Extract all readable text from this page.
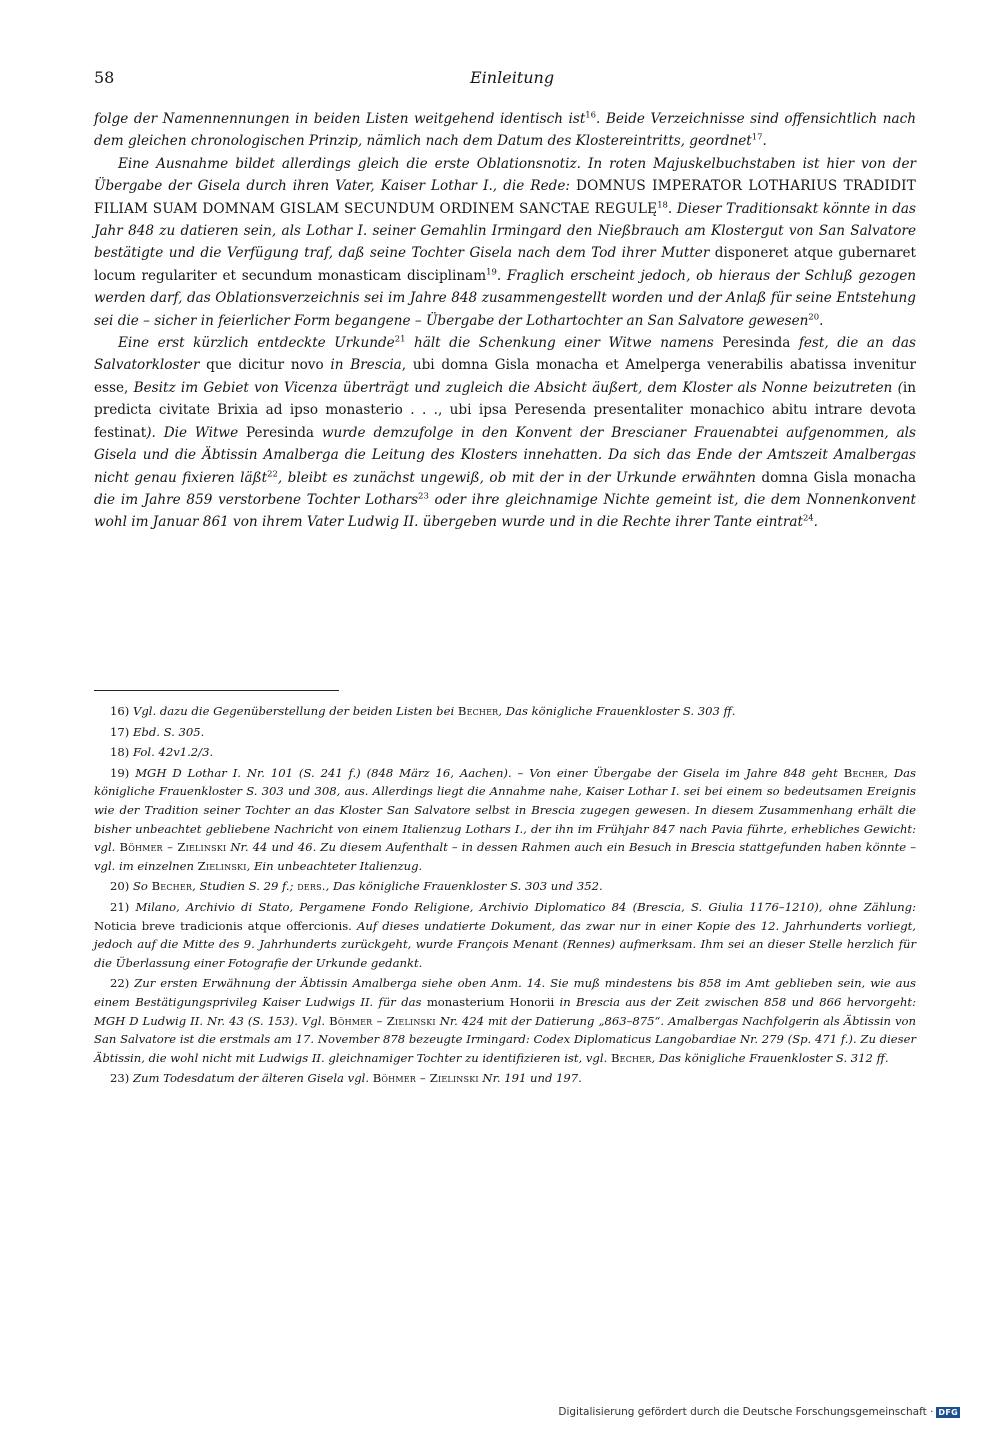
58	Einleitung

folge der Namennennungen in beiden Listen weitgehend identisch ist$^{16}$. Beide Verzeichnisse sind offensichtlich nach dem gleichen chronologischen Prinzip, nämlich nach dem Datum des Klostereintritts, geordnet$^{17}$.

Eine Ausnahme bildet allerdings gleich die erste Oblationsnotiz. In roten Majuskelbuchstaben ist hier von der Übergabe der Gisela durch ihren Vater, Kaiser Lothar I., die Rede: DOMNUS IMPERATOR LOTHARIUS TRADIDIT FILIAM SUAM DOMNAM GISLAM SECUNDUM ORDINEM SANCTAE REGULĘ$^{18}$. Dieser Traditionsakt könnte in das Jahr 848 zu datieren sein, als Lothar I. seiner Gemahlin Irmingard den Nießbrauch am Klostergut von San Salvatore bestätigte und die Verfügung traf, daß seine Tochter Gisela nach dem Tod ihrer Mutter disponeret atque gubernaret locum regulariter et secundum monasticam disciplinam$^{19}$. Fraglich erscheint jedoch, ob hieraus der Schluß gezogen werden darf, das Oblationsverzeichnis sei im Jahre 848 zusammengestellt worden und der Anlaß für seine Entstehung sei die – sicher in feierlicher Form begangene – Übergabe der Lothartochter an San Salvatore gewesen$^{20}$.

Eine erst kürzlich entdeckte Urkunde$^{21}$ hält die Schenkung einer Witwe namens Peresinda fest, die an das Salvatorkloster que dicitur novo in Brescia, ubi domna Gisla monacha et Amelperga venerabilis abatissa invenitur esse, Besitz im Gebiet von Vicenza überträgt und zugleich die Absicht äußert, dem Kloster als Nonne beizutreten (in predicta civitate Brixia ad ipso monasterio . . ., ubi ipsa Peresenda presentaliter monachico abitu intrare devota festinat). Die Witwe Peresinda wurde demzufolge in den Konvent der Brescianer Frauenabtei aufgenommen, als Gisela und die Äbtissin Amalberga die Leitung des Klosters innehatten. Da sich das Ende der Amtszeit Amalbergas nicht genau fixieren läßt$^{22}$, bleibt es zunächst ungewiß, ob mit der in der Urkunde erwähnten domna Gisla monacha die im Jahre 859 verstorbene Tochter Lothars$^{23}$ oder ihre gleichnamige Nichte gemeint ist, die dem Nonnenkonvent wohl im Januar 861 von ihrem Vater Ludwig II. übergeben wurde und in die Rechte ihrer Tante eintrat$^{24}$.

16) Vgl. dazu die Gegenüberstellung der beiden Listen bei Becher, Das königliche Frauenkloster S. 303 ff.

17) Ebd. S. 305.

18) Fol. 42v1.2/3.

19) MGH D Lothar I. Nr. 101 (S. 241 f.) (848 März 16, Aachen). – Von einer Übergabe der Gisela im Jahre 848 geht Becher, Das königliche Frauenkloster S. 303 und 308, aus. Allerdings liegt die Annahme nahe, Kaiser Lothar I. sei bei einem so bedeutsamen Ereignis wie der Tradition seiner Tochter an das Kloster San Salvatore selbst in Brescia zugegen gewesen. In diesem Zusammenhang erhält die bisher unbeachtet gebliebene Nachricht von einem Italienzug Lothars I., der ihn im Frühjahr 847 nach Pavia führte, erhebliches Gewicht: vgl. Böhmer – Zielinski Nr. 44 und 46. Zu diesem Aufenthalt – in dessen Rahmen auch ein Besuch in Brescia stattgefunden haben könnte – vgl. im einzelnen Zielinski, Ein unbeachteter Italienzug.

20) So Becher, Studien S. 29 f.; ders., Das königliche Frauenkloster S. 303 und 352.

21) Milano, Archivio di Stato, Pergamene Fondo Religione, Archivio Diplomatico 84 (Brescia, S. Giulia 1176–1210), ohne Zählung: Noticia breve tradicionis atque offercionis. Auf dieses undatierte Dokument, das zwar nur in einer Kopie des 12. Jahrhunderts vorliegt, jedoch auf die Mitte des 9. Jahrhunderts zurückgeht, wurde François Menant (Rennes) aufmerksam. Ihm sei an dieser Stelle herzlich für die Überlassung einer Fotografie der Urkunde gedankt.

22) Zur ersten Erwähnung der Äbtissin Amalberga siehe oben Anm. 14. Sie muß mindestens bis 858 im Amt geblieben sein, wie aus einem Bestätigungsprivileg Kaiser Ludwigs II. für das monasterium Honorii in Brescia aus der Zeit zwischen 858 und 866 hervorgeht: MGH D Ludwig II. Nr. 43 (S. 153). Vgl. Böhmer – Zielinski Nr. 424 mit der Datierung „863–875“. Amalbergas Nachfolgerin als Äbtissin von San Salvatore ist die erstmals am 17. November 878 bezeugte Irmingard: Codex Diplomaticus Langobardiae Nr. 279 (Sp. 471 f.). Zu dieser Äbtissin, die wohl nicht mit Ludwigs II. gleichnamiger Tochter zu identifizieren ist, vgl. Becher, Das königliche Frauenkloster S. 312 ff.

23) Zum Todesdatum der älteren Gisela vgl. Böhmer – Zielinski Nr. 191 und 197.

Digitalisierung gefördert durch die Deutsche Forschungsgemeinschaft · DFG
